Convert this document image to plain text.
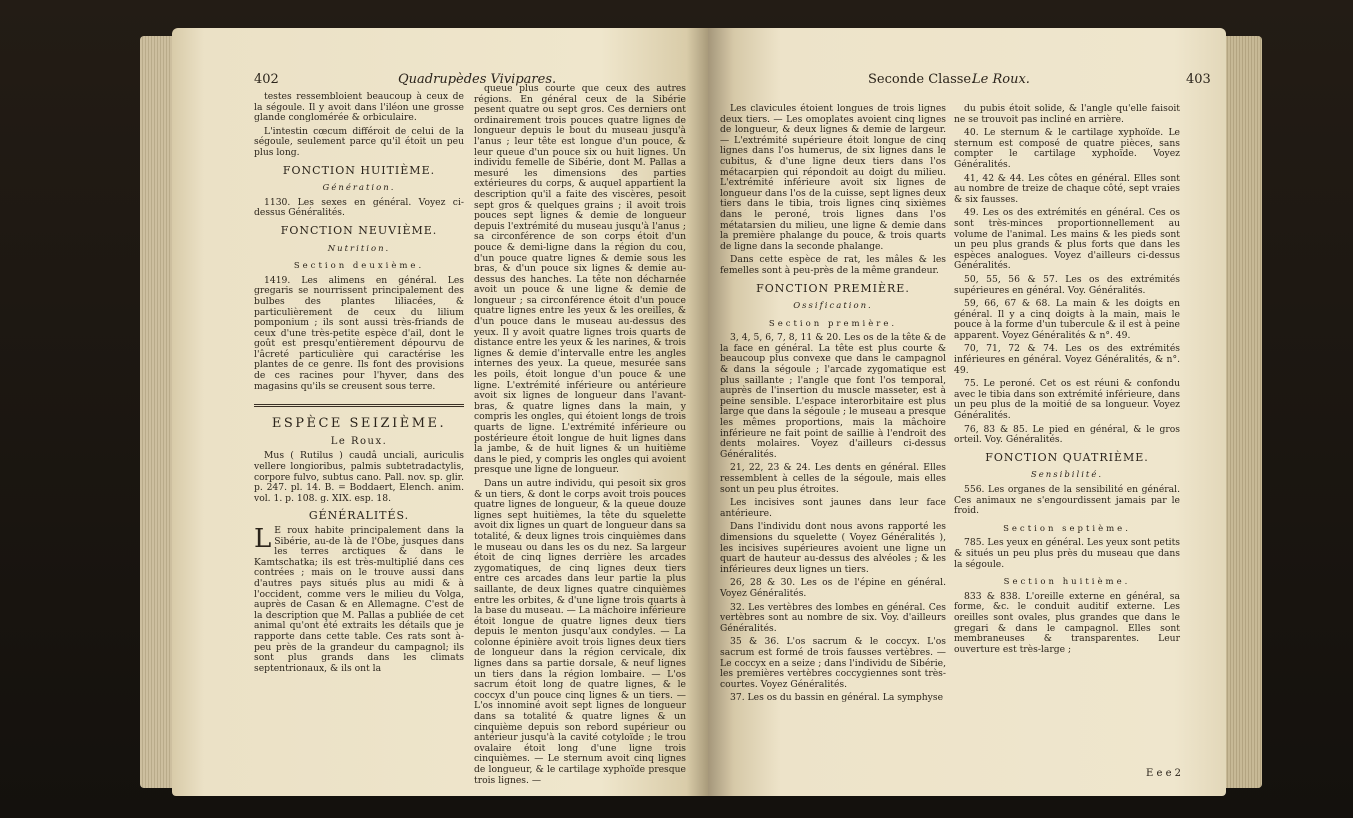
402	Quadrupèdes Vivipares.

testes ressembloient beaucoup à ceux de la ségoule. Il y avoit dans l'iléon une grosse glande conglomérée & orbiculaire.

L'intestin cœcum différoit de celui de la ségoule, seulement parce qu'il étoit un peu plus long.

FONCTION HUITIÈME.

Génération.

1130. Les sexes en général. Voyez ci-dessus Généralités.

FONCTION NEUVIÈME.

Nutrition.

Section deuxième.

1419. Les alimens en général. Les gregaris se nourrissent principalement des bulbes des plantes liliacées, & particulièrement de ceux du lilium pomponium ; ils sont aussi très-friands de ceux d'une très-petite espèce d'ail, dont le goût est presqu'entièrement dépourvu de l'âcreté particulière qui caractérise les plantes de ce genre. Ils font des provisions de ces racines pour l'hyver, dans des magasins qu'ils se creusent sous terre.

ESPÈCE SEIZIÈME.

Le Roux.

Mus ( Rutilus ) caudâ unciali, auriculis vellere longioribus, palmis subtetradactylis, corpore fulvo, subtus cano. Pall. nov. sp. glir. p. 247. pl. 14. B. = Boddaert, Elench. anim. vol. 1. p. 108. g. XIX. esp. 18.

GÉNÉRALITÉS.

L E roux habite principalement dans la Sibérie, au-de là de l'Obe, jusques dans les terres arctiques & dans le Kamtschatka; ils est très-multiplié dans ces contrées ; mais on le trouve aussi dans d'autres pays situés plus au midi & à l'occident, comme vers le milieu du Volga, auprès de Casan & en Allemagne. C'est de la description que M. Pallas a publiée de cet animal qu'ont été extraits les détails que je rapporte dans cette table. Ces rats sont à-peu près de la grandeur du campagnol; ils sont plus grands dans les climats septentrionaux, & ils ont la

queue plus courte que ceux des autres régions. En général ceux de la Sibérie pesent quatre ou sept gros. Ces derniers ont ordinairement trois pouces quatre lignes de longueur depuis le bout du museau jusqu'à l'anus ; leur tête est longue d'un pouce, & leur queue d'un pouce six ou huit lignes. Un individu femelle de Sibérie, dont M. Pallas a mesuré les dimensions des parties extérieures du corps, & auquel appartient la description qu'il a faite des viscères, pesoit sept gros & quelques grains ; il avoit trois pouces sept lignes & demie de longueur depuis l'extrémité du museau jusqu'à l'anus ; sa circonférence de son corps étoit d'un pouce & demi-ligne dans la région du cou, d'un pouce quatre lignes & demie sous les bras, & d'un pouce six lignes & demie au-dessus des hanches. La tête non décharnée avoit un pouce & une ligne & demie de longueur ; sa circonférence étoit d'un pouce quatre lignes entre les yeux & les oreilles, & d'un pouce dans le museau au-dessus des yeux. Il y avoit quatre lignes trois quarts de distance entre les yeux & les narines, & trois lignes & demie d'intervalle entre les angles internes des yeux. La queue, mesurée sans les poils, étoit longue d'un pouce & une ligne. L'extrémité inférieure ou antérieure avoit six lignes de longueur dans l'avant-bras, & quatre lignes dans la main, y compris les ongles, qui étoient longs de trois quarts de ligne. L'extrémité inférieure ou postérieure étoit longue de huit lignes dans la jambe, & de huit lignes & un huitième dans le pied, y compris les ongles qui avoient presque une ligne de longueur.

Dans un autre individu, qui pesoit six gros & un tiers, & dont le corps avoit trois pouces quatre lignes de longueur, & la queue douze lignes sept huitièmes, la tête du squelette avoit dix lignes un quart de longueur dans sa totalité, & deux lignes trois cinquièmes dans le museau ou dans les os du nez. Sa largeur étoit de cinq lignes derrière les arcades zygomatiques, de cinq lignes deux tiers entre ces arcades dans leur partie la plus saillante, de deux lignes quatre cinquièmes entre les orbites, & d'une ligne trois quarts à la base du museau. — La mâchoire inférieure étoit longue de quatre lignes deux tiers depuis le menton jusqu'aux condyles. — La colonne épinière avoit trois lignes deux tiers de longueur dans la région cervicale, dix lignes dans sa partie dorsale, & neuf lignes un tiers dans la région lombaire. — L'os sacrum étoit long de quatre lignes, & le coccyx d'un pouce cinq lignes & un tiers. — L'os innominé avoit sept lignes de longueur dans sa totalité & quatre lignes & un cinquième depuis son rebord supérieur ou antérieur jusqu'à la cavité cotyloïde ; le trou ovalaire étoit long d'une ligne trois cinquièmes. — Le sternum avoit cinq lignes de longueur, & le cartilage xyphoïde presque trois lignes. —

Seconde Classe.
Le Roux.	403

Les clavicules étoient longues de trois lignes deux tiers. — Les omoplates avoient cinq lignes de longueur, & deux lignes & demie de largeur. — L'extrémité supérieure étoit longue de cinq lignes dans l'os humerus, de six lignes dans le cubitus, & d'une ligne deux tiers dans l'os métacarpien qui répondoit au doigt du milieu. L'extrémité inférieure avoit six lignes de longueur dans l'os de la cuisse, sept lignes deux tiers dans le tibia, trois lignes cinq sixièmes dans le peroné, trois lignes dans l'os métatarsien du milieu, une ligne & demie dans la première phalange du pouce, & trois quarts de ligne dans la seconde phalange.

Dans cette espèce de rat, les mâles & les femelles sont à peu-près de la même grandeur.

FONCTION PREMIÈRE.

Ossification.

Section première.

3, 4, 5, 6, 7, 8, 11 & 20. Les os de la tête & de la face en général. La tête est plus courte & beaucoup plus convexe que dans le campagnol & dans la ségoule ; l'arcade zygomatique est plus saillante ; l'angle que font l'os temporal, auprès de l'insertion du muscle masseter, est à peine sensible. L'espace interorbitaire est plus large que dans la ségoule ; le museau a presque les mêmes proportions, mais la mâchoire inférieure ne fait point de saillie à l'endroit des dents molaires. Voyez d'ailleurs ci-dessus Généralités.

21, 22, 23 & 24. Les dents en général. Elles ressemblent à celles de la ségoule, mais elles sont un peu plus étroites.

Les incisives sont jaunes dans leur face antérieure.

Dans l'individu dont nous avons rapporté les dimensions du squelette ( Voyez Généralités ), les incisives supérieures avoient une ligne un quart de hauteur au-dessus des alvéoles ; & les inférieures deux lignes un tiers.

26, 28 & 30. Les os de l'épine en général. Voyez Généralités.

32. Les vertèbres des lombes en général. Ces vertèbres sont au nombre de six. Voy. d'ailleurs Généralités.

35 & 36. L'os sacrum & le coccyx. L'os sacrum est formé de trois fausses vertèbres. — Le coccyx en a seize ; dans l'individu de Sibérie, les premières vertèbres coccygiennes sont très-courtes. Voyez Généralités.

37. Les os du bassin en général. La symphyse

du pubis étoit solide, & l'angle qu'elle faisoit ne se trouvoit pas incliné en arrière.

40. Le sternum & le cartilage xyphoïde. Le sternum est composé de quatre pièces, sans compter le cartilage xyphoïde. Voyez Généralités.

41, 42 & 44. Les côtes en général. Elles sont au nombre de treize de chaque côté, sept vraies & six fausses.

49. Les os des extrémités en général. Ces os sont très-minces proportionnellement au volume de l'animal. Les mains & les pieds sont un peu plus grands & plus forts que dans les espèces analogues. Voyez d'ailleurs ci-dessus Généralités.

50, 55, 56 & 57. Les os des extrémités supérieures en général. Voy. Généralités.

59, 66, 67 & 68. La main & les doigts en général. Il y a cinq doigts à la main, mais le pouce à la forme d'un tubercule & il est à peine apparent. Voyez Généralités & n°. 49.

70, 71, 72 & 74. Les os des extrémités inférieures en général. Voyez Généralités, & n°. 49.

75. Le peroné. Cet os est réuni & confondu avec le tibia dans son extrémité inférieure, dans un peu plus de la moitié de sa longueur. Voyez Généralités.

76, 83 & 85. Le pied en général, & le gros orteil. Voy. Généralités.

FONCTION QUATRIÈME.

Sensibilité.

556. Les organes de la sensibilité en général. Ces animaux ne s'engourdissent jamais par le froid.

Section septième.

785. Les yeux en général. Les yeux sont petits & situés un peu plus près du museau que dans la ségoule.

Section huitième.

833 & 838. L'oreille externe en général, sa forme, &c. le conduit auditif externe. Les oreilles sont ovales, plus grandes que dans le gregari & dans le campagnol. Elles sont membraneuses & transparentes. Leur ouverture est très-large ;

E e e 2
